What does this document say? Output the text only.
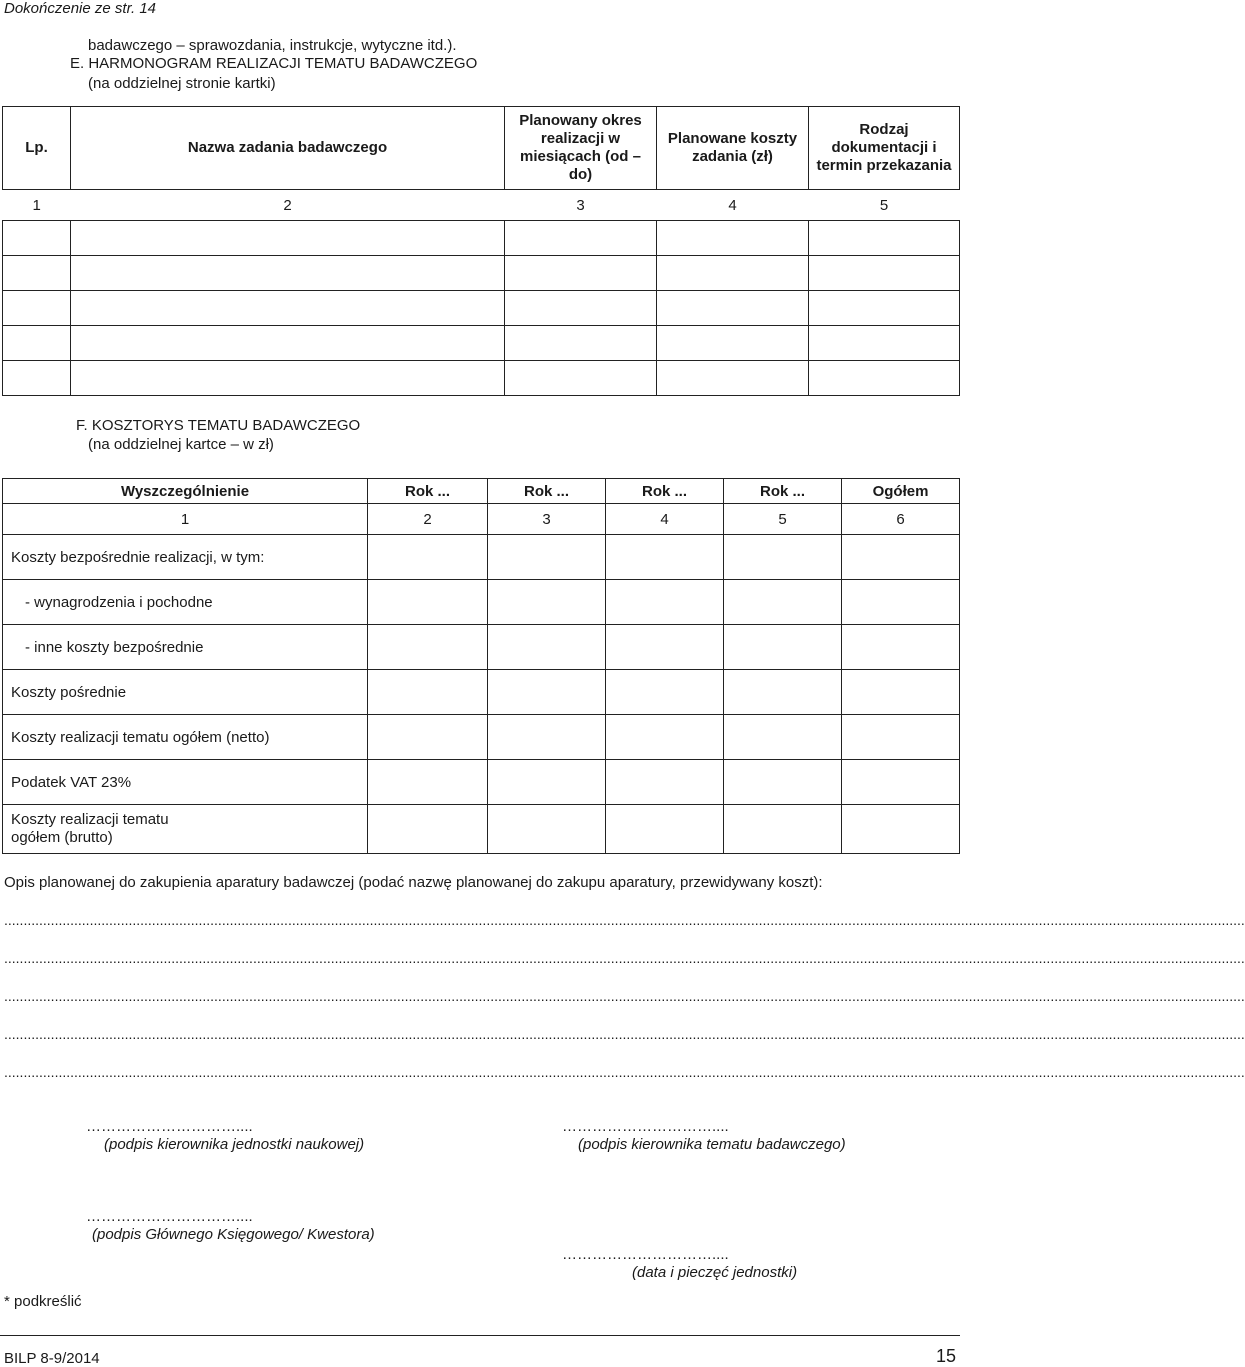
Dokończenie ze str. 14
badawczego – sprawozdania, instrukcje, wytyczne itd.).
E. HARMONOGRAM REALIZACJI TEMATU BADAWCZEGO
(na oddzielnej stronie kartki)
Lp.	Nazwa zadania badawczego	Planowany okres realizacji w miesiącach (od – do)	Planowane koszty zadania (zł)	Rodzaj dokumentacji i termin przekazania
1	2	3	4	5

F. KOSZTORYS TEMATU BADAWCZEGO
(na oddzielnej kartce – w zł)
Wyszczególnienie	Rok ...	Rok ...	Rok ...	Rok ...	Ogółem
1	2	3	4	5	6
Koszty bezpośrednie realizacji, w tym:					
- wynagrodzenia i pochodne					
- inne koszty bezpośrednie					
Koszty pośrednie					
Koszty realizacji tematu ogółem (netto)					
Podatek VAT 23%					
Koszty realizacji tematu ogółem (brutto)					
Opis planowanej do zakupienia aparatury badawczej (podać nazwę planowanej do zakupu aparatury, przewidywany koszt):
...............................................................................................................................................................................................................................................................................................................................
...............................................................................................................................................................................................................................................................................................................................
...............................................................................................................................................................................................................................................................................................................................
...............................................................................................................................................................................................................................................................................................................................
...............................................................................................................................................................................................................................................................................................................................
…………………………....
(podpis kierownika jednostki naukowej)
…………………………....
(podpis kierownika tematu badawczego)
…………………………....
(podpis Głównego Księgowego/ Kwestora)
…………………………....
(data i pieczęć jednostki)
* podkreślić
BILP 8-9/2014	15
